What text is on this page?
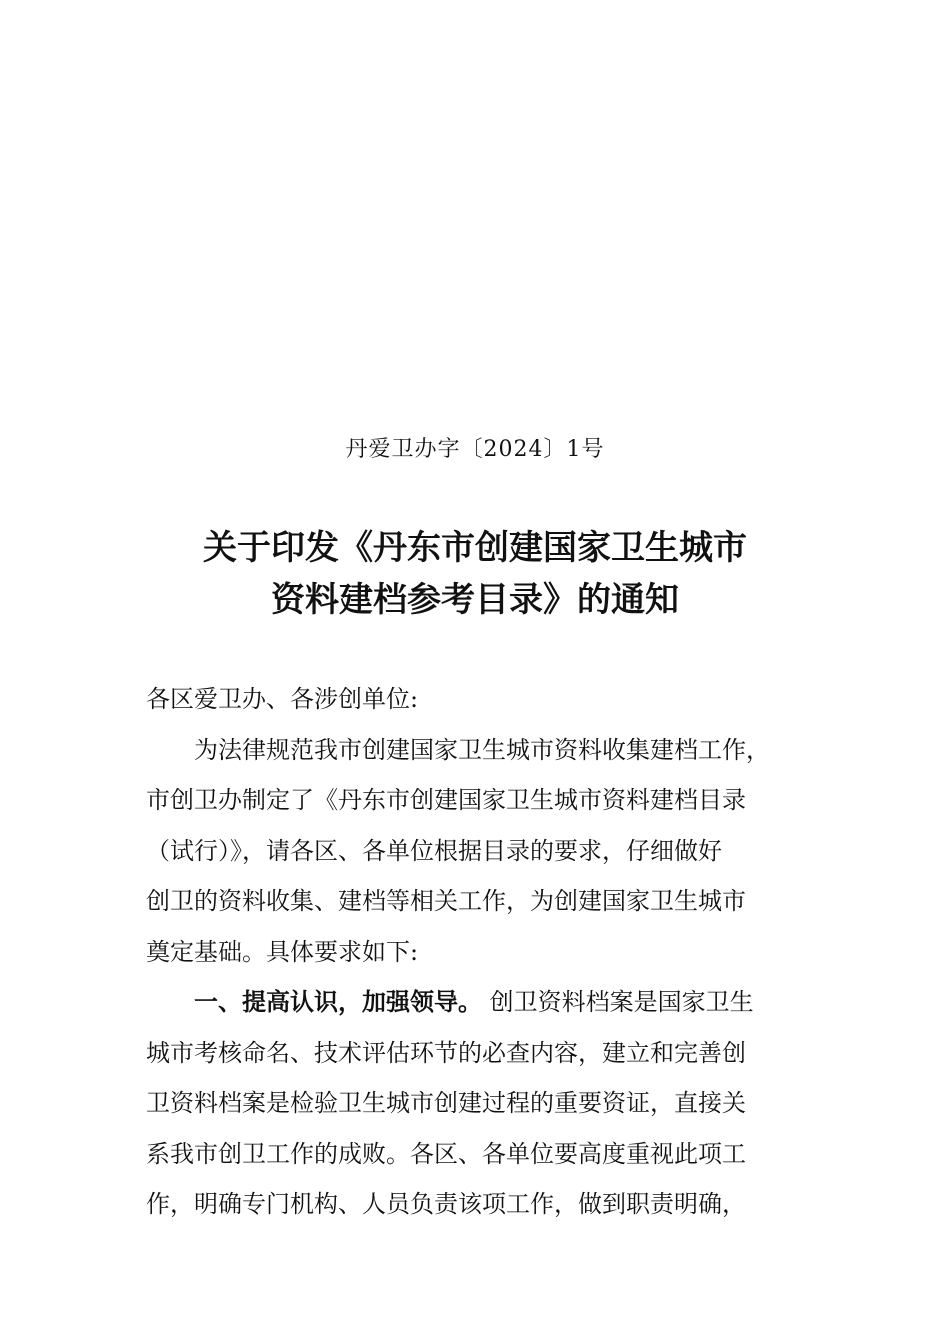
丹爱卫办字〔2024〕1号
关于印发《丹东市创建国家卫生城市
资料建档参考目录》的通知
各区爱卫办、各涉创单位:
为法律规范我市创建国家卫生城市资料收集建档工作，
市创卫办制定了《丹东市创建国家卫生城市资料建档目录
（试行）》，请各区、各单位根据目录的要求，仔细做好
创卫的资料收集、建档等相关工作，为创建国家卫生城市
奠定基础。具体要求如下:
一、提高认识，加强领导。 创卫资料档案是国家卫生
城市考核命名、技术评估环节的必查内容，建立和完善创
卫资料档案是检验卫生城市创建过程的重要资证，直接关
系我市创卫工作的成败。各区、各单位要高度重视此项工
作，明确专门机构、人员负责该项工作，做到职责明确，
